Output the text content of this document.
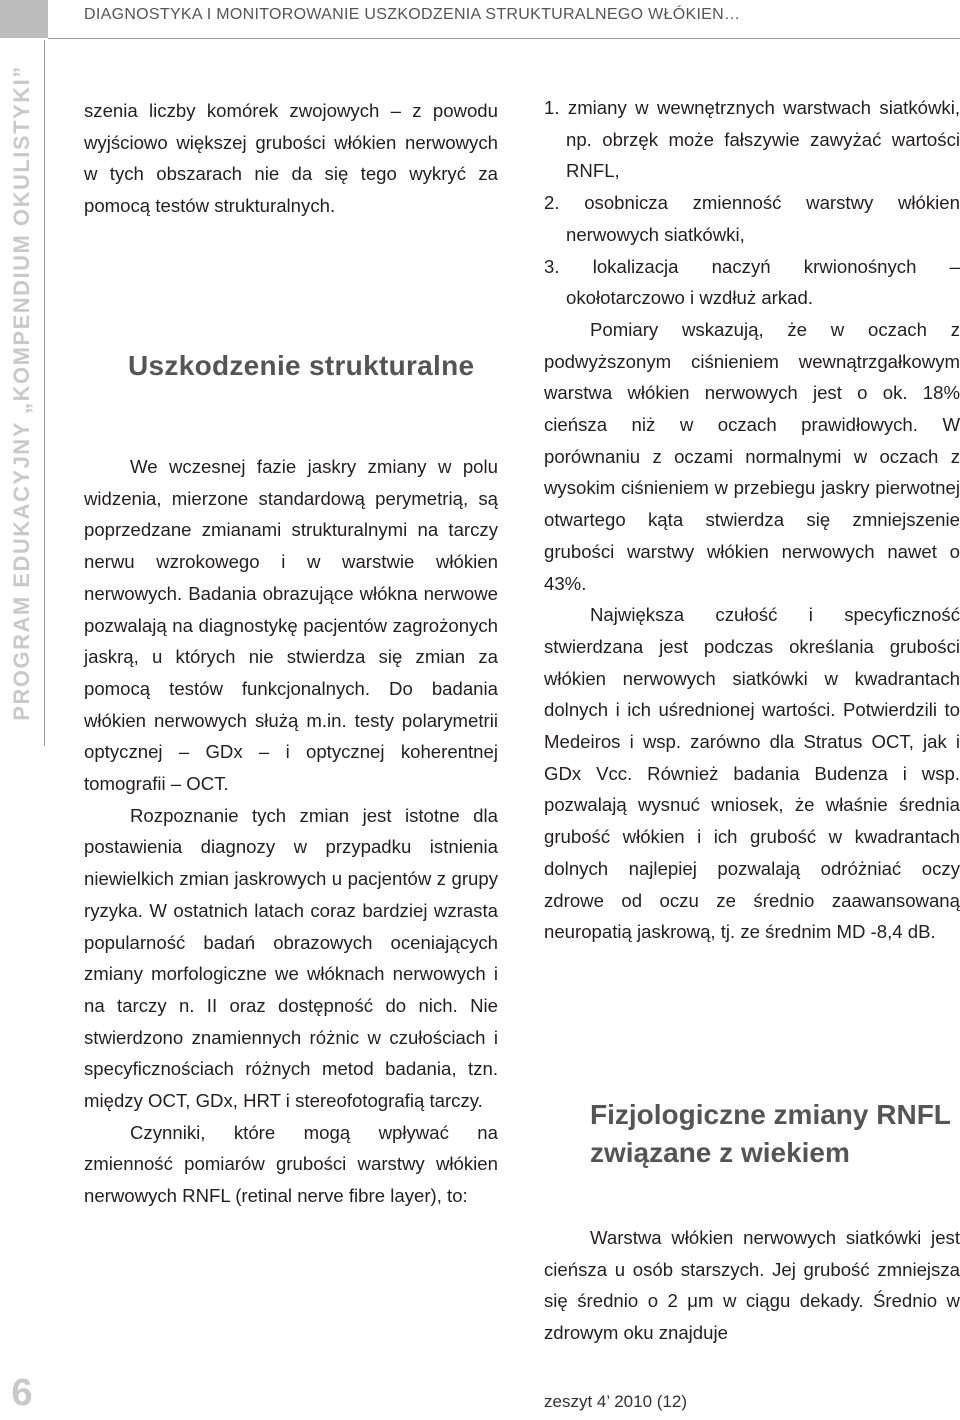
DIAGNOSTYKA I MONITOROWANIE USZKODZENIA STRUKTURALNEGO WŁÓKIEN…
PROGRAM EDUKACYJNY „KOMPENDIUM OKULISTYKI”
6	zeszyt 4’ 2010 (12)

szenia liczby komórek zwojowych – z powodu wyjściowo większej grubości włókien nerwowych w tych obszarach nie da się tego wykryć za pomocą testów strukturalnych.

Uszkodzenie strukturalne

We wczesnej fazie jaskry zmiany w polu widzenia, mierzone standardową perymetrią, są poprzedzane zmianami strukturalnymi na tarczy nerwu wzrokowego i w warstwie włókien nerwowych. Badania obrazujące włókna nerwowe pozwalają na diagnostykę pacjentów zagrożonych jaskrą, u których nie stwierdza się zmian za pomocą testów funkcjonalnych. Do badania włókien nerwowych służą m.in. testy polarymetrii optycznej – GDx – i optycznej koherentnej tomografii – OCT.

Rozpoznanie tych zmian jest istotne dla postawienia diagnozy w przypadku istnienia niewielkich zmian jaskrowych u pacjentów z grupy ryzyka. W ostatnich latach coraz bardziej wzrasta popularność badań obrazowych oceniających zmiany morfologiczne we włóknach nerwowych i na tarczy n. II oraz dostępność do nich. Nie stwierdzono znamiennych różnic w czułościach i specyficznościach różnych metod badania, tzn. między OCT, GDx, HRT i stereofotografią tarczy.

Czynniki, które mogą wpływać na zmienność pomiarów grubości warstwy włókien nerwowych RNFL (retinal nerve fibre layer), to:

1. zmiany w wewnętrznych warstwach siatkówki, np. obrzęk może fałszywie zawyżać wartości RNFL,

2. osobnicza zmienność warstwy włókien nerwowych siatkówki,

3. lokalizacja naczyń krwionośnych – okołotarczowo i wzdłuż arkad.

Pomiary wskazują, że w oczach z podwyższonym ciśnieniem wewnątrzgałkowym warstwa włókien nerwowych jest o ok. 18% cieńsza niż w oczach prawidłowych. W porównaniu z oczami normalnymi w oczach z wysokim ciśnieniem w przebiegu jaskry pierwotnej otwartego kąta stwierdza się zmniejszenie grubości warstwy włókien nerwowych nawet o 43%.

Największa czułość i specyficzność stwierdzana jest podczas określania grubości włókien nerwowych siatkówki w kwadrantach dolnych i ich uśrednionej wartości. Potwierdzili to Medeiros i wsp. zarówno dla Stratus OCT, jak i GDx Vcc. Również badania Budenza i wsp. pozwalają wysnuć wniosek, że właśnie średnia grubość włókien i ich grubość w kwadrantach dolnych najlepiej pozwalają odróżniać oczy zdrowe od oczu ze średnio zaawansowaną neuropatią jaskrową, tj. ze średnim MD -8,4 dB.

Fizjologiczne zmiany RNFL związane z wiekiem

Warstwa włókien nerwowych siatkówki jest cieńsza u osób starszych. Jej grubość zmniejsza się średnio o 2 μm w ciągu dekady. Średnio w zdrowym oku znajduje
